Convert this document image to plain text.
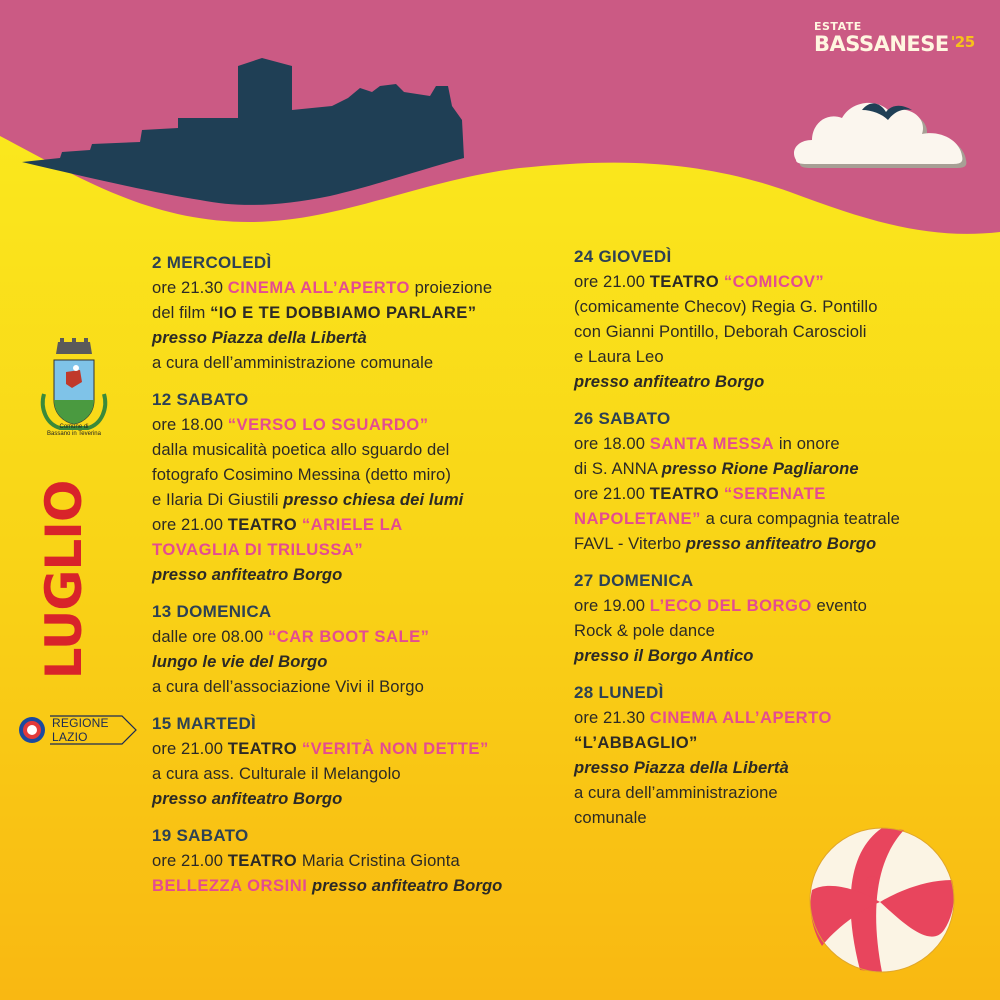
ESTATE
BASSANESE '25
Comune di
Bassano in Teverina
LUGLIO
REGIONE
LAZIO
2 MERCOLEDÌ
ore 21.30 CINEMA ALL’APERTO proiezione
del film “IO E TE DOBBIAMO PARLARE”
presso Piazza della Libertà
a cura dell’amministrazione comunale
12 SABATO
ore 18.00 “VERSO LO SGUARDO”
dalla musicalità poetica allo sguardo del
fotografo Cosimino Messina (detto miro)
e Ilaria Di Giustili presso chiesa dei lumi
ore 21.00 TEATRO “ARIELE LA
TOVAGLIA DI TRILUSSA”
presso anfiteatro Borgo
13 DOMENICA
dalle ore 08.00 “CAR BOOT SALE”
lungo le vie del Borgo
a cura dell’associazione Vivi il Borgo
15 MARTEDÌ
ore 21.00 TEATRO “VERITÀ NON DETTE”
a cura ass. Culturale il Melangolo
presso anfiteatro Borgo
19 SABATO
ore 21.00 TEATRO Maria Cristina Gionta
BELLEZZA ORSINI presso anfiteatro Borgo
24 GIOVEDÌ
ore 21.00 TEATRO “COMICOV”
(comicamente Checov) Regia G. Pontillo
con Gianni Pontillo, Deborah Caroscioli
e Laura Leo
presso anfiteatro Borgo
26 SABATO
ore 18.00 SANTA MESSA in onore
di S. ANNA presso Rione Pagliarone
ore 21.00 TEATRO “SERENATE
NAPOLETANE” a cura compagnia teatrale
FAVL - Viterbo presso anfiteatro Borgo
27 DOMENICA
ore 19.00 L’ECO DEL BORGO evento
Rock & pole dance
presso il Borgo Antico
28 LUNEDÌ
ore 21.30 CINEMA ALL’APERTO
“L’ABBAGLIO”
presso Piazza della Libertà
a cura dell’amministrazione
comunale
